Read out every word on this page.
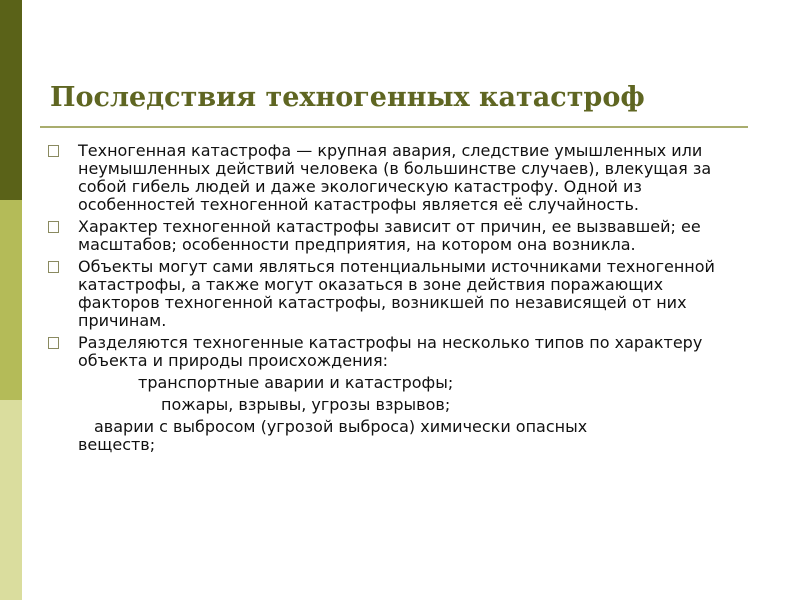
Последствия техногенных катастроф
Техногенная катастрофа — крупная авария, следствие умышленных или неумышленных действий человека (в большинстве случаев), влекущая за собой гибель людей и даже экологическую катастрофу. Одной из особенностей техногенной катастрофы является её случайность.
Характер техногенной катастрофы зависит от причин, ее вызвавшей; ее масштабов; особенности предприятия, на котором она возникла.
Объекты могут сами являться потенциальными источниками техногенной катастрофы, а также могут оказаться в зоне действия поражающих факторов техногенной катастрофы, возникшей по независящей от них причинам.
Разделяются техногенные катастрофы на несколько типов по характеру объекта и природы происхождения:
транспортные аварии и катастрофы;
пожары, взрывы, угрозы взрывов;
аварии с выбросом (угрозой выброса) химически опасных
веществ;
